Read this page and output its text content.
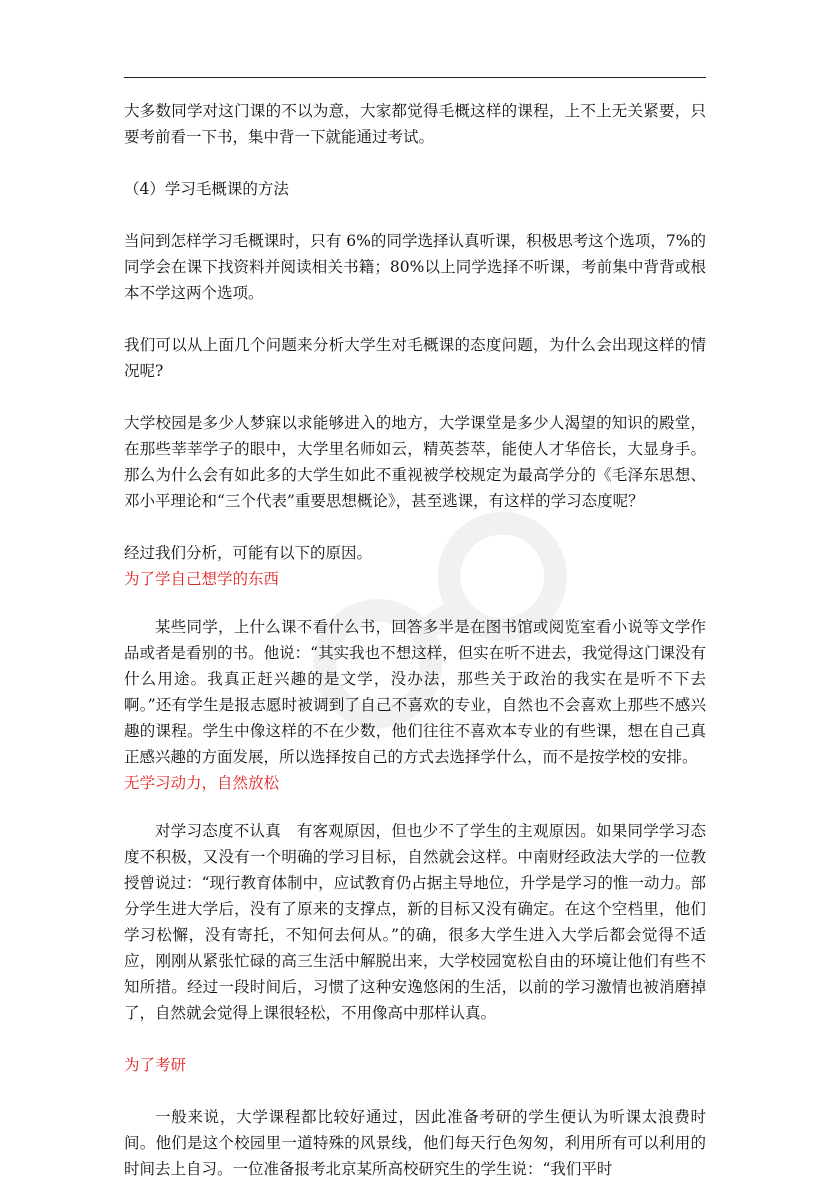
大多数同学对这门课的不以为意，大家都觉得毛概这样的课程，上不上无关紧要，只要考前看一下书，集中背一下就能通过考试。

（4）学习毛概课的方法

当问到怎样学习毛概课时，只有 6%的同学选择认真听课，积极思考这个选项，7%的同学会在课下找资料并阅读相关书籍；80%以上同学选择不听课，考前集中背背或根本不学这两个选项。

我们可以从上面几个问题来分析大学生对毛概课的态度问题，为什么会出现这样的情况呢?

大学校园是多少人梦寐以求能够进入的地方，大学课堂是多少人渴望的知识的殿堂，在那些莘莘学子的眼中，大学里名师如云，精英荟萃，能使人才华倍长，大显身手。那么为什么会有如此多的大学生如此不重视被学校规定为最高学分的《毛泽东思想、邓小平理论和“三个代表”重要思想概论》，甚至逃课，有这样的学习态度呢？

经过我们分析，可能有以下的原因。

为了学自己想学的东西

某些同学，上什么课不看什么书，回答多半是在图书馆或阅览室看小说等文学作品或者是看别的书。他说：“其实我也不想这样，但实在听不进去，我觉得这门课没有什么用途。我真正赶兴趣的是文学，没办法，那些关于政治的我实在是听不下去啊。”还有学生是报志愿时被调到了自己不喜欢的专业，自然也不会喜欢上那些不感兴趣的课程。学生中像这样的不在少数，他们往往不喜欢本专业的有些课，想在自己真正感兴趣的方面发展，所以选择按自己的方式去选择学什么，而不是按学校的安排。

无学习动力，自然放松

对学习态度不认真　有客观原因，但也少不了学生的主观原因。如果同学学习态度不积极，又没有一个明确的学习目标，自然就会这样。中南财经政法大学的一位教授曾说过：“现行教育体制中，应试教育仍占据主导地位，升学是学习的惟一动力。部分学生进大学后，没有了原来的支撑点，新的目标又没有确定。在这个空档里，他们学习松懈，没有寄托，不知何去何从。”的确，很多大学生进入大学后都会觉得不适应，刚刚从紧张忙碌的高三生活中解脱出来，大学校园宽松自由的环境让他们有些不知所措。经过一段时间后，习惯了这种安逸悠闲的生活，以前的学习激情也被消磨掉了，自然就会觉得上课很轻松，不用像高中那样认真。

为了考研

一般来说，大学课程都比较好通过，因此准备考研的学生便认为听课太浪费时间。他们是这个校园里一道特殊的风景线，他们每天行色匆匆，利用所有可以利用的时间去上自习。一位准备报考北京某所高校研究生的学生说：“我们平时
